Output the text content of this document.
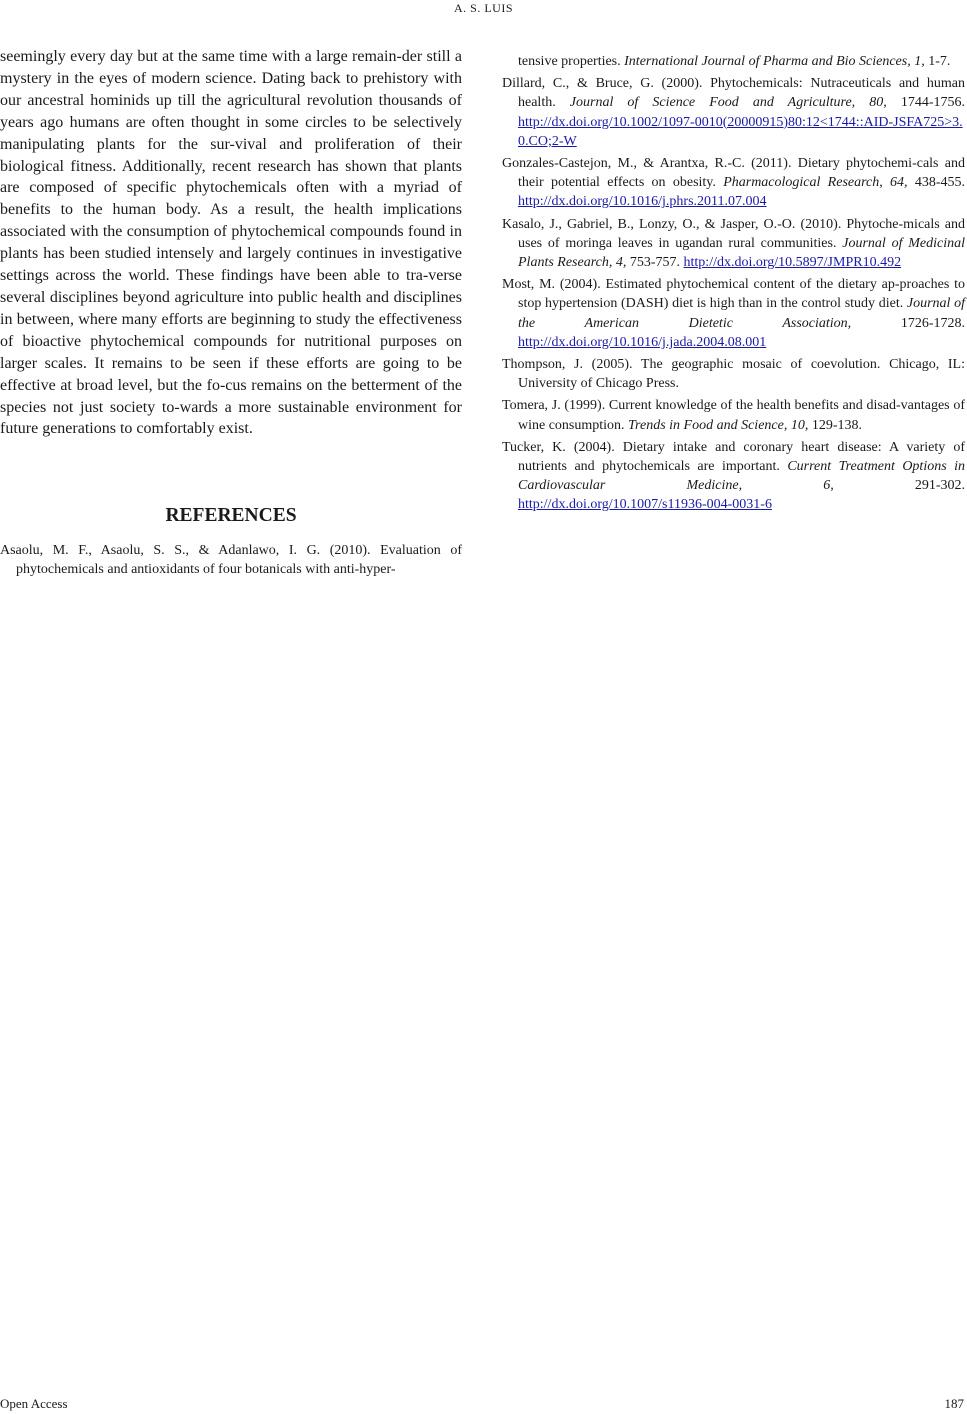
A. S. LUIS

seemingly every day but at the same time with a large remain-der still a mystery in the eyes of modern science. Dating back to prehistory with our ancestral hominids up till the agricultural revolution thousands of years ago humans are often thought in some circles to be selectively manipulating plants for the sur-vival and proliferation of their biological fitness. Additionally, recent research has shown that plants are composed of specific phytochemicals often with a myriad of benefits to the human body. As a result, the health implications associated with the consumption of phytochemical compounds found in plants has been studied intensely and largely continues in investigative settings across the world. These findings have been able to tra-verse several disciplines beyond agriculture into public health and disciplines in between, where many efforts are beginning to study the effectiveness of bioactive phytochemical compounds for nutritional purposes on larger scales. It remains to be seen if these efforts are going to be effective at broad level, but the fo-cus remains on the betterment of the species not just society to-wards a more sustainable environment for future generations to comfortably exist.

REFERENCES

Asaolu, M. F., Asaolu, S. S., & Adanlawo, I. G. (2010). Evaluation of phytochemicals and antioxidants of four botanicals with anti-hyper-

tensive properties. International Journal of Pharma and Bio Sciences, 1, 1-7.

Dillard, C., & Bruce, G. (2000). Phytochemicals: Nutraceuticals and human health. Journal of Science Food and Agriculture, 80, 1744-1756. http://dx.doi.org/10.1002/1097-0010(20000915)80:12<1744::AID-JSFA725>3.0.CO;2-W

Gonzales-Castejon, M., & Arantxa, R.-C. (2011). Dietary phytochemi-cals and their potential effects on obesity. Pharmacological Research, 64, 438-455. http://dx.doi.org/10.1016/j.phrs.2011.07.004

Kasalo, J., Gabriel, B., Lonzy, O., & Jasper, O.-O. (2010). Phytoche-micals and uses of moringa leaves in ugandan rural communities. Journal of Medicinal Plants Research, 4, 753-757. http://dx.doi.org/10.5897/JMPR10.492

Most, M. (2004). Estimated phytochemical content of the dietary ap-proaches to stop hypertension (DASH) diet is high than in the control study diet. Journal of the American Dietetic Association,	1726-1728. http://dx.doi.org/10.1016/j.jada.2004.08.001

Thompson, J. (2005). The geographic mosaic of coevolution. Chicago, IL: University of Chicago Press.

Tomera, J. (1999). Current knowledge of the health benefits and disad-vantages of wine consumption. Trends in Food and Science, 10, 129-138.

Tucker, K. (2004). Dietary intake and coronary heart disease: A variety of nutrients and phytochemicals are important. Current Treatment Options in Cardiovascular Medicine, 6,	291-302. http://dx.doi.org/10.1007/s11936-004-0031-6

Open Access	187
